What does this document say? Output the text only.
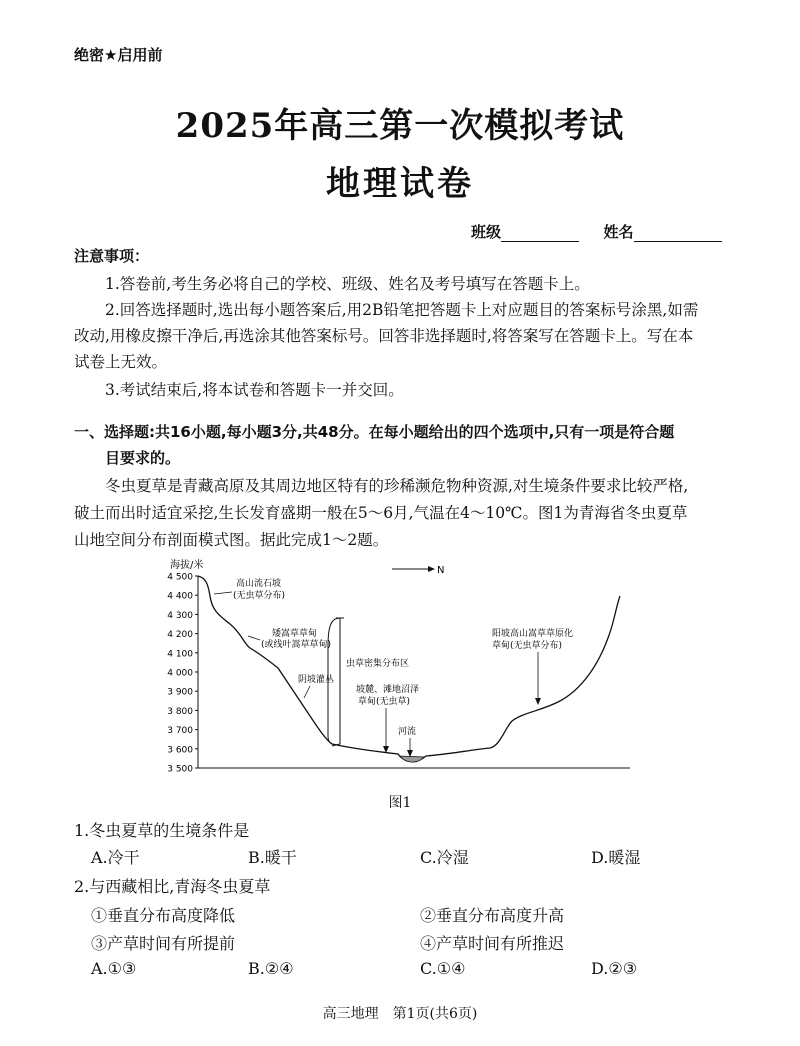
绝密★启用前
2025年高三第一次模拟考试
地理试卷
班级	姓名
注意事项：
1.答卷前,考生务必将自己的学校、班级、姓名及考号填写在答题卡上。
2.回答选择题时,选出每小题答案后,用2B铅笔把答题卡上对应题目的答案标号涂黑,如需
改动,用橡皮擦干净后,再选涂其他答案标号。回答非选择题时,将答案写在答题卡上。写在本
试卷上无效。
3.考试结束后,将本试卷和答题卡一并交回。
一、选择题:共16小题,每小题3分,共48分。在每小题给出的四个选项中,只有一项是符合题
目要求的。
冬虫夏草是青藏高原及其周边地区特有的珍稀濒危物种资源,对生境条件要求比较严格,
破土而出时适宜采挖,生长发育盛期一般在5～6月,气温在4～10℃。图1为青海省冬虫夏草
山地空间分布剖面模式图。据此完成1～2题。
海拔/米
4 500
4 400
4 300
4 200
4 100
4 000
3 900
3 800
3 700
3 600
3 500
N
高山流石坡
(无虫草分布)
矮嵩草草甸
(或线叶嵩草草甸)
阴坡灌丛
虫草密集分布区
坡麓、滩地沼泽
草甸(无虫草)
河流
阳坡高山嵩草草原化
草甸(无虫草分布)
图1
1.冬虫夏草的生境条件是
A.冷干	B.暖干	C.冷湿	D.暖湿
2.与西藏相比,青海冬虫夏草
①垂直分布高度降低	②垂直分布高度升高
③产草时间有所提前	④产草时间有所推迟
A.①③	B.②④	C.①④	D.②③
高三地理　第1页(共6页)
